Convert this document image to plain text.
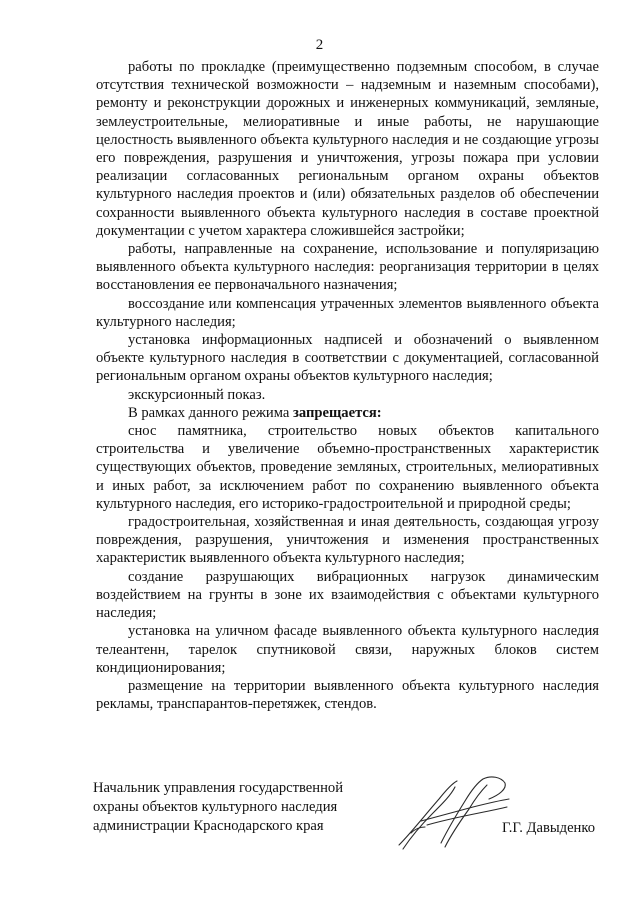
2

работы по прокладке (преимущественно подземным способом, в случае отсутствия технической возможности – надземным и наземным способами), ремонту и реконструкции дорожных и инженерных коммуникаций, земляные, землеустроительные, мелиоративные и иные работы, не нарушающие целостность выявленного объекта культурного наследия и не создающие угрозы его повреждения, разрушения и уничтожения, угрозы пожара при условии реализации согласованных региональным органом охраны объектов культурного наследия проектов и (или) обязательных разделов об обеспечении сохранности выявленного объекта культурного наследия в составе проектной документации с учетом характера сложившейся застройки;

работы, направленные на сохранение, использование и популяризацию выявленного объекта культурного наследия: реорганизация территории в целях восстановления ее первоначального назначения;

воссоздание или компенсация утраченных элементов выявленного объекта культурного наследия;

установка информационных надписей и обозначений о выявленном объекте культурного наследия в соответствии с документацией, согласованной региональным органом охраны объектов культурного наследия;

экскурсионный показ.

В рамках данного режима запрещается:

снос памятника, строительство новых объектов капитального строительства и увеличение объемно-пространственных характеристик существующих объектов, проведение земляных, строительных, мелиоративных и иных работ, за исключением работ по сохранению выявленного объекта культурного наследия, его историко-градостроительной и природной среды;

градостроительная, хозяйственная и иная деятельность, создающая угрозу повреждения, разрушения, уничтожения и изменения пространственных характеристик выявленного объекта культурного наследия;

создание разрушающих вибрационных нагрузок динамическим воздействием на грунты в зоне их взаимодействия с объектами культурного наследия;

установка на уличном фасаде выявленного объекта культурного наследия телеантенн, тарелок спутниковой связи, наружных блоков систем кондиционирования;

размещение на территории выявленного объекта культурного наследия рекламы, транспарантов-перетяжек, стендов.

Начальник управления государственной
охраны объектов культурного наследия
администрации Краснодарского края	Г.Г. Давыденко
